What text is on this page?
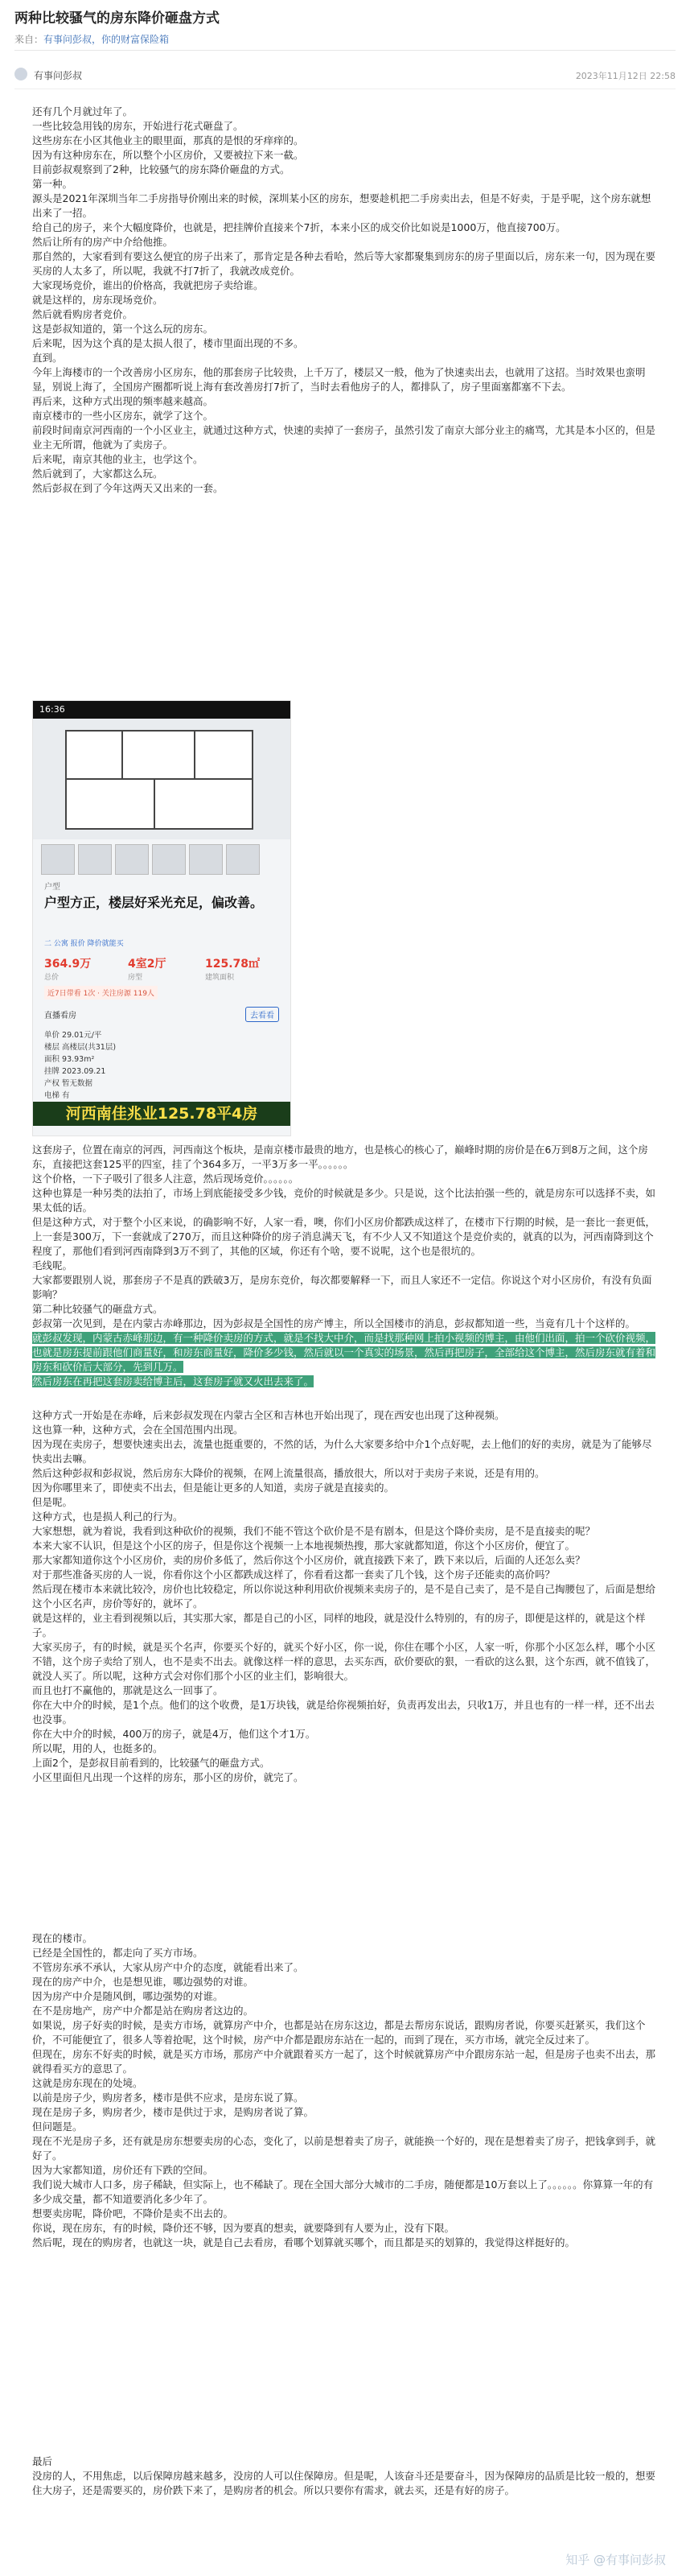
两种比较骚气的房东降价砸盘方式
来自：有事问彭叔，你的财富保险箱
有事问彭叔	2023年11月12日 22:58

还有几个月就过年了。

一些比较急用钱的房东，开始进行花式砸盘了。

这些房东在小区其他业主的眼里面，那真的是恨的牙痒痒的。

因为有这种房东在，所以整个小区房价，又要被拉下来一截。

目前彭叔观察到了2种，比较骚气的房东降价砸盘的方式。

第一种。

源头是2021年深圳当年二手房指导价刚出来的时候，深圳某小区的房东，想要趁机把二手房卖出去，但是不好卖，于是乎呢，这个房东就想出来了一招。

给自己的房子，来个大幅度降价，也就是，把挂牌价直接来个7折，本来小区的成交价比如说是1000万，他直接700万。

然后让所有的房产中介给他推。

那自然的，大家看到有要这么便宜的房子出来了，那肯定是各种去看哈，然后等大家都聚集到房东的房子里面以后，房东来一句，因为现在要买房的人太多了，所以呢，我就不打7折了，我就改成竞价。

大家现场竞价，谁出的价格高，我就把房子卖给谁。

就是这样的，房东现场竞价。

然后就看购房者竞价。

这是彭叔知道的，第一个这么玩的房东。

后来呢，因为这个真的是太损人很了，楼市里面出现的不多。

直到。

今年上海楼市的一个改善房小区房东，他的那套房子比较贵，上千万了，楼层又一般，他为了快速卖出去，也就用了这招。当时效果也蛮明显，别说上海了，全国房产圈都听说上海有套改善房打7折了，当时去看他房子的人，都排队了，房子里面塞都塞不下去。

再后来，这种方式出现的频率越来越高。

南京楼市的一些小区房东，就学了这个。

前段时间南京河西南的一个小区业主，就通过这种方式，快速的卖掉了一套房子，虽然引发了南京大部分业主的痛骂，尤其是本小区的，但是业主无所谓，他就为了卖房子。

后来呢，南京其他的业主，也学这个。

然后就到了，大家都这么玩。

然后彭叔在到了今年这两天又出来的一套。

16:36
户型
户型方正，楼层好采光充足，偏改善。
二 公寓 报价 降价就能买
364.9万
总价
4室2厅
房型
125.78㎡
建筑面积
近7日带看 1次 · 关注房源 119人
直播看房	去看看
单价 29.01元/平
楼层 高楼层(共31层)
面积 93.93m²
挂牌 2023.09.21
产权 暂无数据
电梯 有
河西南佳兆业125.78平4房

这套房子，位置在南京的河西，河西南这个板块，是南京楼市最贵的地方，也是核心的核心了，巅峰时期的房价是在6万到8万之间，这个房东，直接把这套125平的四室，挂了个364多万，一平3万多一平。。。。。。

这个价格，一下子吸引了很多人注意，然后现场竞价。。。。。。

这种也算是一种另类的法拍了，市场上到底能接受多少钱，竞价的时候就是多少。只是说，这个比法拍强一些的，就是房东可以选择不卖，如果太低的话。

但是这种方式，对于整个小区来说，的确影响不好，人家一看，噢，你们小区房价都跌成这样了，在楼市下行期的时候，是一套比一套更低，上一套是300万，下一套就成了270万，而且这种降价的房子消息满天飞，有不少人又不知道这个是竞价卖的，就真的以为，河西南降到这个程度了，那他们看到河西南降到3万不到了，其他的区域，你还有个啥，要不说呢，这个也是很坑的。

毛线呢。

大家都要跟别人说，那套房子不是真的跌破3万，是房东竞价，每次都要解释一下，而且人家还不一定信。你说这个对小区房价，有没有负面影响？

第二种比较骚气的砸盘方式。

彭叔第一次见到，是在内蒙古赤峰那边，因为彭叔是全国性的房产博主，所以全国楼市的消息，彭叔都知道一些，当竟有几十个这样的。

就彭叔发现，内蒙古赤峰那边，有一种降价卖房的方式，就是不找大中介，而是找那种网上拍小视频的博主，由他们出面，拍一个砍价视频，也就是房东提前跟他们商量好，和房东商量好，降价多少钱，然后就以一个真实的场景，然后再把房子，全部给这个博主，然后房东就有着和房东和砍价后大部分，先到几万。

然后房东在再把这套房卖给博主后，这套房子就又火出去来了。

这种方式一开始是在赤峰，后来彭叔发现在内蒙古全区和吉林也开始出现了，现在西安也出现了这种视频。

这也算一种，这种方式，会在全国范围内出现。

因为现在卖房子，想要快速卖出去，流量也挺重要的，不然的话，为什么大家要多给中介1个点好呢，去上他们的好的卖房，就是为了能够尽快卖出去嘛。

然后这种彭叔和彭叔说，然后房东大降价的视频，在网上流量很高，播放很大，所以对于卖房子来说，还是有用的。

因为你哪里来了，即使卖不出去，但是能让更多的人知道，卖房子就是直接卖的。

但是呢。

这种方式，也是损人利己的行为。

大家想想，就为着说，我看到这种砍价的视频，我们不能不管这个砍价是不是有剧本，但是这个降价卖房，是不是直接卖的呢？

本来大家不认识，但是这个小区的房子，但是你这个视频一上本地视频热搜，那大家就都知道，你这个小区房价，便宜了。

那大家都知道你这个小区房价，卖的房价多低了，然后你这个小区房价，就直接跌下来了，跌下来以后，后面的人还怎么卖？

对于那些准备买房的人一说，你看你这个小区都跌成这样了，你看看这都一套卖了几个钱，这个房子还能卖的高价吗？

然后现在楼市本来就比较冷，房价也比较稳定，所以你说这种利用砍价视频来卖房子的，是不是自己卖了，是不是自己掏腰包了，后面是想给这个小区名声，房价等好的，就坏了。

就是这样的，业主看到视频以后，其实那大家，都是自己的小区，同样的地段，就是没什么特别的，有的房子，即便是这样的，就是这个样子。

大家买房子，有的时候，就是买个名声，你要买个好的，就买个好小区，你一说，你住在哪个小区，人家一听，你那个小区怎么样，哪个小区不错，这个房子卖给了别人，也不是卖不出去。就像这样一样的意思，去买东西，砍价要砍的狠，一看砍的这么狠，这个东西，就不值钱了，就没人买了。所以呢，这种方式会对你们那个小区的业主们，影响很大。

而且也打不赢他的，那就是这么一回事了。

你在大中介的时候，是1个点。他们的这个收费，是1万块钱，就是给你视频拍好，负责再发出去，只收1万，并且也有的一样一样，还不出去也没事。

你在大中介的时候，400万的房子，就是4万，他们这个才1万。

所以呢，用的人，也挺多的。

上面2个，是彭叔目前看到的，比较骚气的砸盘方式。

小区里面但凡出现一个这样的房东，那小区的房价，就完了。

现在的楼市。

已经是全国性的，都走向了买方市场。

不管房东承不承认，大家从房产中介的态度，就能看出来了。

现在的房产中介，也是想见谁，哪边强势的对谁。

因为房产中介是随风倒，哪边强势的对谁。

在不是房地产，房产中介都是站在购房者这边的。

如果说，房子好卖的时候，是卖方市场，就算房产中介，也都是站在房东这边，都是去帮房东说话，跟购房者说，你要买赶紧买，我们这个价，不可能便宜了，很多人等着抢呢，这个时候，房产中介都是跟房东站在一起的，而到了现在，买方市场，就完全反过来了。

但现在，房东不好卖的时候，就是买方市场，那房产中介就跟着买方一起了，这个时候就算房产中介跟房东站一起，但是房子也卖不出去，那就得看买方的意思了。

这就是房东现在的处境。

以前是房子少，购房者多，楼市是供不应求，是房东说了算。

现在是房子多，购房者少，楼市是供过于求，是购房者说了算。

但问题是。

现在不光是房子多，还有就是房东想要卖房的心态，变化了，以前是想着卖了房子，就能换一个好的，现在是想着卖了房子，把钱拿到手，就好了。

因为大家都知道，房价还有下跌的空间。

我们说大城市人口多，房子稀缺，但实际上，也不稀缺了。现在全国大部分大城市的二手房，随便都是10万套以上了。。。。。。你算算一年的有多少成交量，都不知道要消化多少年了。

想要卖房呢，降价吧，不降价是卖不出去的。

你说，现在房东，有的时候，降价还不够，因为要真的想卖，就要降到有人要为止，没有下限。

然后呢，现在的购房者，也就这一块，就是自己去看房，看哪个划算就买哪个，而且都是买的划算的，我觉得这样挺好的。

最后

没房的人，不用焦虑，以后保障房越来越多，没房的人可以住保障房。但是呢，人该奋斗还是要奋斗，因为保障房的品质是比较一般的，想要住大房子，还是需要买的，房价跌下来了，是购房者的机会。所以只要你有需求，就去买，还是有好的房子。

知乎 @有事问彭叔
